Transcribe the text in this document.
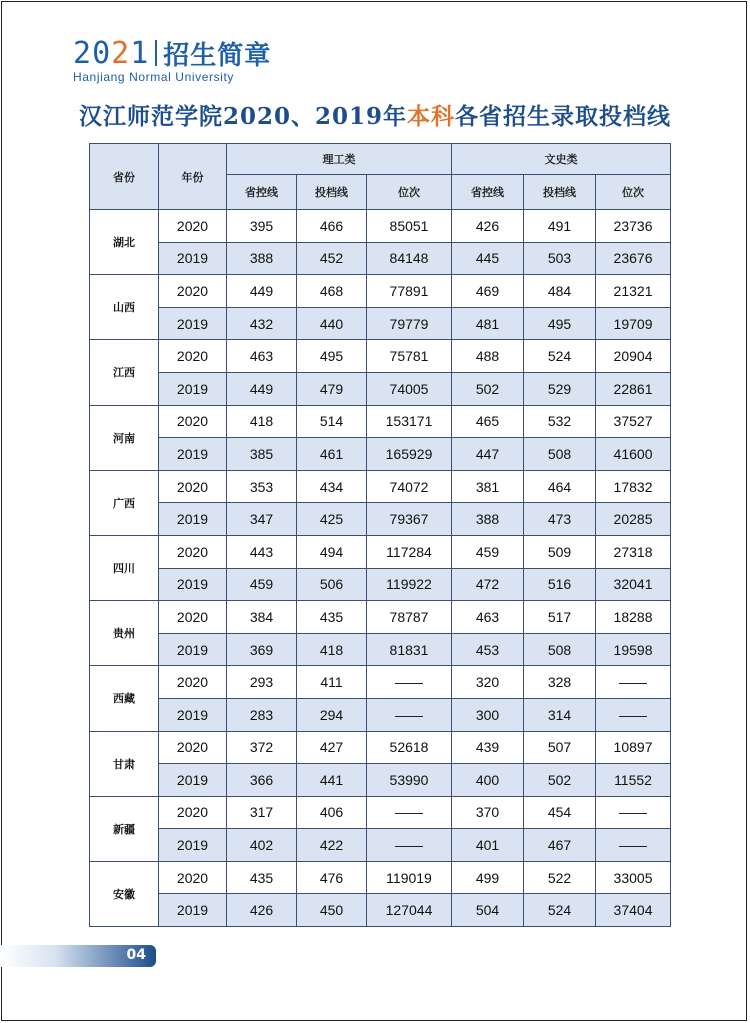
2021 招生简章
Hanjiang Normal University
汉江师范学院2020、2019年本科各省招生录取投档线
省份	年份	理工类			文史类		
		省控线	投档线	位次	省控线	投档线	位次
湖北	2020	395	466	85051	426	491	23736
	2019	388	452	84148	445	503	23676
山西	2020	449	468	77891	469	484	21321
	2019	432	440	79779	481	495	19709
江西	2020	463	495	75781	488	524	20904
	2019	449	479	74005	502	529	22861
河南	2020	418	514	153171	465	532	37527
	2019	385	461	165929	447	508	41600
广西	2020	353	434	74072	381	464	17832
	2019	347	425	79367	388	473	20285
四川	2020	443	494	117284	459	509	27318
	2019	459	506	119922	472	516	32041
贵州	2020	384	435	78787	463	517	18288
	2019	369	418	81831	453	508	19598
西藏	2020	293	411	——	320	328	——
	2019	283	294	——	300	314	——
甘肃	2020	372	427	52618	439	507	10897
	2019	366	441	53990	400	502	11552
新疆	2020	317	406	——	370	454	——
	2019	402	422	——	401	467	——
安徽	2020	435	476	119019	499	522	33005
	2019	426	450	127044	504	524	37404
04
